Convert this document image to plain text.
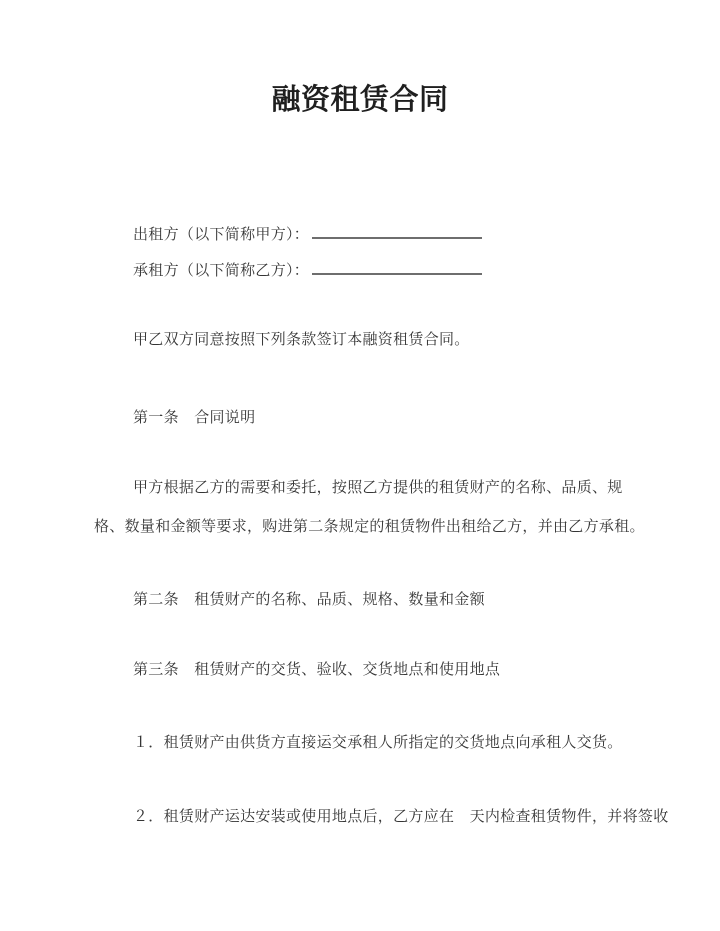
融资租赁合同

出租方（以下简称甲方）：

承租方（以下简称乙方）：

甲乙双方同意按照下列条款签订本融资租赁合同。

第一条　合同说明

甲方根据乙方的需要和委托，按照乙方提供的租赁财产的名称、品质、规格、数量和金额等要求，购进第二条规定的租赁物件出租给乙方，并由乙方承租。

第二条　租赁财产的名称、品质、规格、数量和金额

第三条　租赁财产的交货、验收、交货地点和使用地点

１．租赁财产由供货方直接运交承租人所指定的交货地点向承租人交货。

２．租赁财产运达安装或使用地点后，乙方应在　天内检查租赁物件，并将签收
